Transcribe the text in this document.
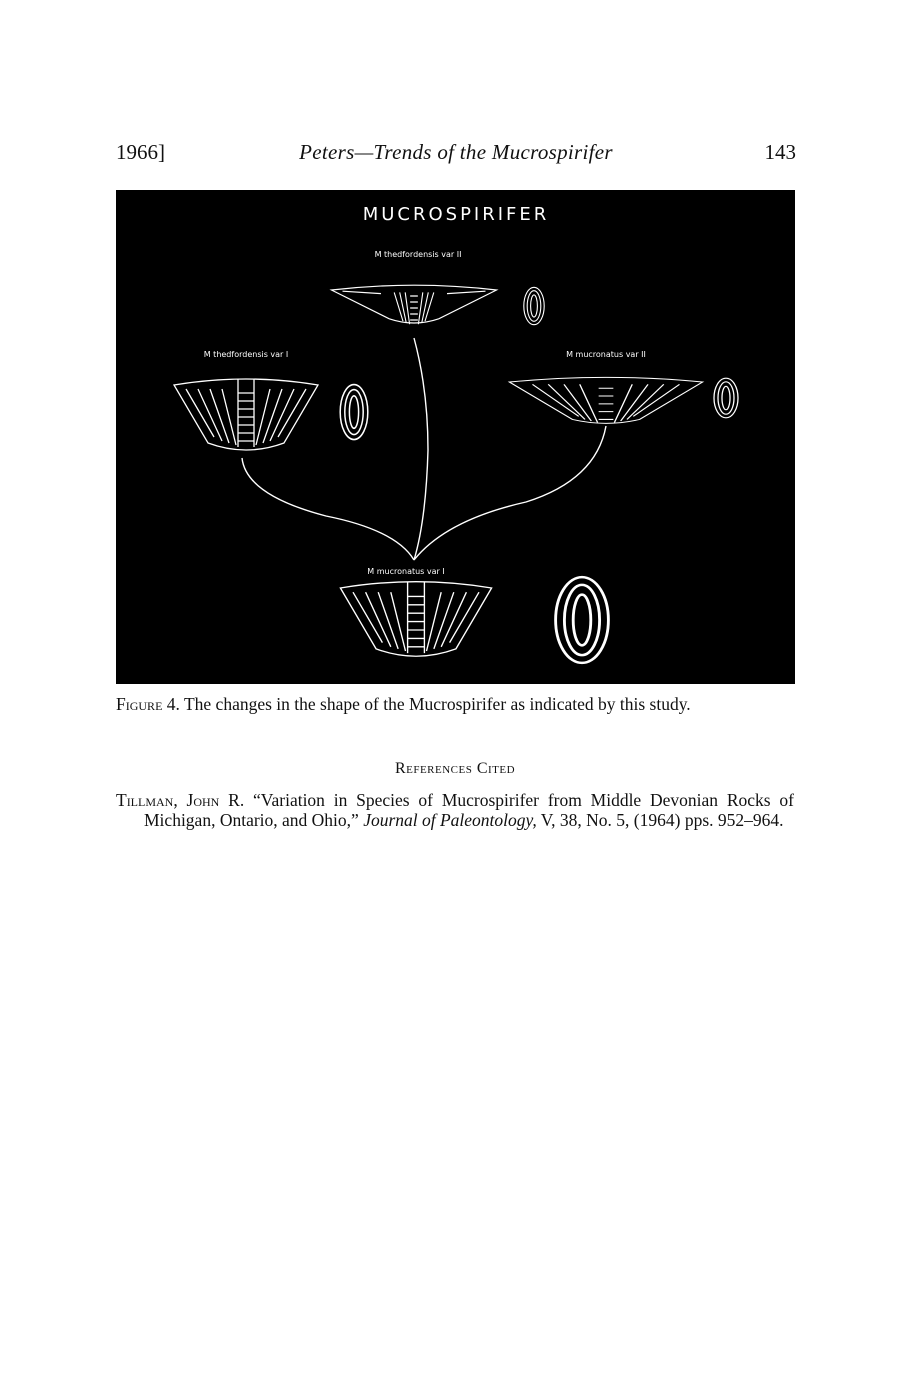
1966]	Peters—Trends of the Mucrospirifer	143
MUCROSPIRIFER
M thedfordensis var II
M thedfordensis var I	M mucronatus var II
M mucronatus var I
Figure 4. The changes in the shape of the Mucrospirifer as indicated by this study.
References Cited
Tillman, John R. “Variation in Species of Mucrospirifer from Middle Devonian Rocks of Michigan, Ontario, and Ohio,” Journal of Paleontology, V, 38, No. 5, (1964) pps. 952–964.
